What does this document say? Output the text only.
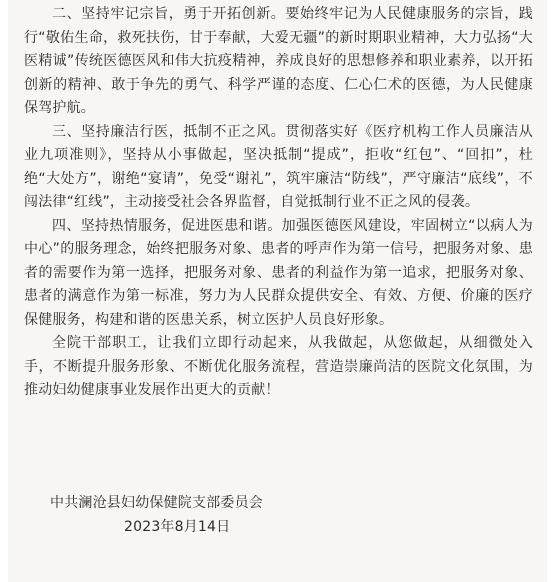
二、坚持牢记宗旨，勇于开拓创新。要始终牢记为人民健康服务的宗旨，践行“敬佑生命，救死扶伤，甘于奉献，大爱无疆”的新时期职业精神，大力弘扬“大医精诚”传统医德医风和伟大抗疫精神，养成良好的思想修养和职业素养，以开拓创新的精神、敢于争先的勇气、科学严谨的态度、仁心仁术的医德，为人民健康保驾护航。

三、坚持廉洁行医，抵制不正之风。贯彻落实好《医疗机构工作人员廉洁从业九项准则》，坚持从小事做起，坚决抵制“提成”，拒收“红包”、“回扣”，杜绝“大处方”，谢绝“宴请”，免受“谢礼”，筑牢廉洁“防线”，严守廉洁“底线”，不闯法律“红线”，主动接受社会各界监督，自觉抵制行业不正之风的侵袭。

四、坚持热情服务，促进医患和谐。加强医德医风建设，牢固树立“以病人为中心”的服务理念，始终把服务对象、患者的呼声作为第一信号，把服务对象、患者的需要作为第一选择，把服务对象、患者的利益作为第一追求，把服务对象、患者的满意作为第一标准，努力为人民群众提供安全、有效、方便、价廉的医疗保健服务，构建和谐的医患关系，树立医护人员良好形象。

全院干部职工，让我们立即行动起来，从我做起，从您做起，从细微处入手，不断提升服务形象、不断优化服务流程，营造崇廉尚洁的医院文化氛围，为推动妇幼健康事业发展作出更大的贡献！

中共澜沧县妇幼保健院支部委员会
2023年8月14日
